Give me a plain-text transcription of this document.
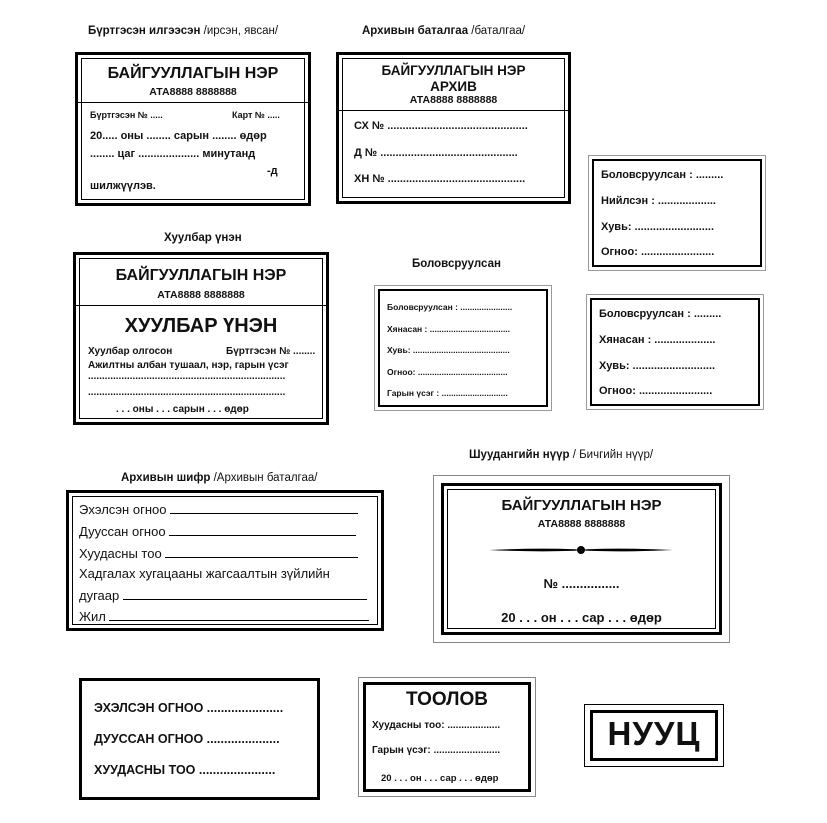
Бүртгэсэн илгээсэн /ирсэн, явсан/	Архивын баталгаа /баталгаа/
Хуулбар үнэн
Боловсруулсан
Архивын шифр /Архивын баталгаа/
Шуудангийн нүүр / Бичгийн нүүр/
БАЙГУУЛЛАГЫН НЭР
АТА8888 8888888
Бүртгэсэн № .....	Карт № .....
20..... оны ........ сарын ........ өдөр
........ цаг .................... минутанд
-д
шилжүүлэв.
БАЙГУУЛЛАГЫН НЭР
АРХИВ
АТА8888 8888888
СХ № ..............................................
Д № .............................................
ХН № .............................................	Боловсруулсан : .........
Нийлсэн : ...................
Хувь: ..........................
Огноо: ........................
БАЙГУУЛЛАГЫН НЭР
АТА8888 8888888
ХУУЛБАР ҮНЭН
Хуулбар олгосон	Бүртгэсэн № ........
Ажилтны албан тушаал, нэр, гарын үсэг
.......................................................................
.......................................................................
. . . оны . . . сарын . . . өдөр
Боловсруулсан : ......................
Хянасан : ..................................
Хувь: .........................................
Огноо: ......................................
Гарын үсэг : ............................
Боловсруулсан : .........
Хянасан : ....................
Хувь: ...........................
Огноо: ........................
Эхэлсэн огноо
Дууссан огноо
Хуудасны тоо
Хадгалах хугацааны жагсаалтын зүйлийн
дугаар
Жил
БАЙГУУЛЛАГЫН НЭР
АТА8888 8888888
№ ................
20 . . . он . . . сар . . . өдөр
ЭХЭЛСЭН ОГНОО ......................
ДУУССАН ОГНОО .....................
ХУУДАСНЫ ТОО ......................
ТООЛОВ
Хуудасны тоо: ...................
Гарын үсэг: ........................
20 . . . он . . . сар . . . өдөр
НУУЦ
